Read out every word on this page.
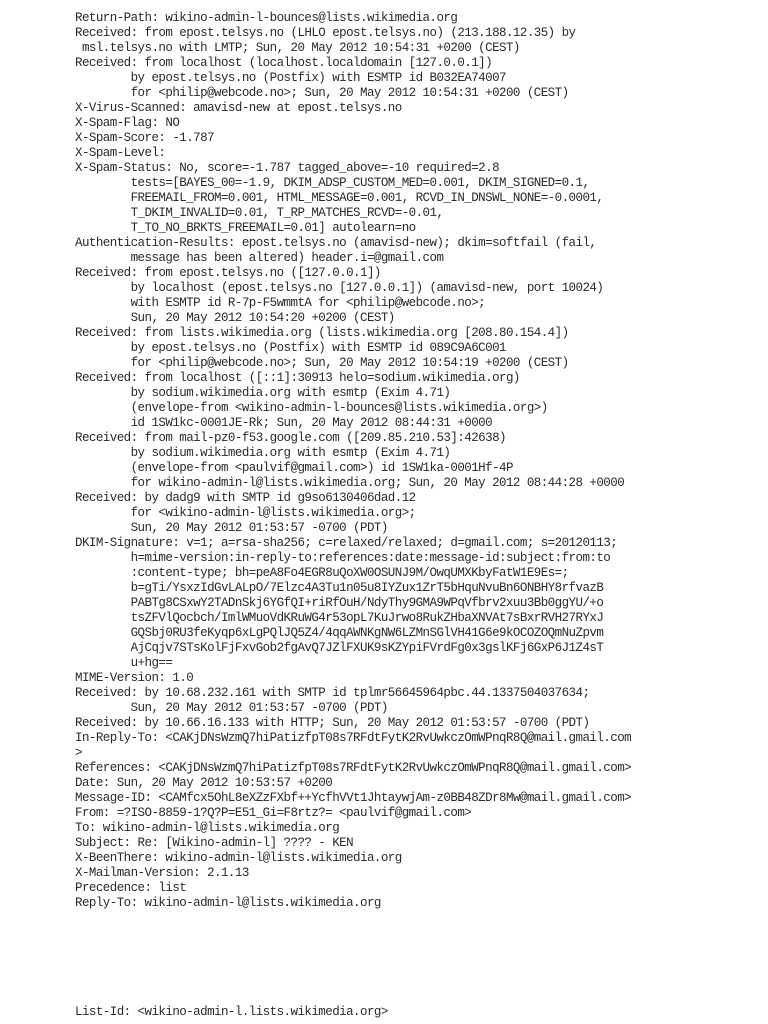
Return-Path: wikino-admin-l-bounces@lists.wikimedia.org
Received: from epost.telsys.no (LHLO epost.telsys.no) (213.188.12.35) by
msl.telsys.no with LMTP; Sun, 20 May 2012 10:54:31 +0200 (CEST)
Received: from localhost (localhost.localdomain [127.0.0.1])
by epost.telsys.no (Postfix) with ESMTP id B032EA74007
for <philip@webcode.no>; Sun, 20 May 2012 10:54:31 +0200 (CEST)
X-Virus-Scanned: amavisd-new at epost.telsys.no
X-Spam-Flag: NO
X-Spam-Score: -1.787
X-Spam-Level:
X-Spam-Status: No, score=-1.787 tagged_above=-10 required=2.8
tests=[BAYES_00=-1.9, DKIM_ADSP_CUSTOM_MED=0.001, DKIM_SIGNED=0.1,
FREEMAIL_FROM=0.001, HTML_MESSAGE=0.001, RCVD_IN_DNSWL_NONE=-0.0001,
T_DKIM_INVALID=0.01, T_RP_MATCHES_RCVD=-0.01,
T_TO_NO_BRKTS_FREEMAIL=0.01] autolearn=no
Authentication-Results: epost.telsys.no (amavisd-new); dkim=softfail (fail,
message has been altered) header.i=@gmail.com
Received: from epost.telsys.no ([127.0.0.1])
by localhost (epost.telsys.no [127.0.0.1]) (amavisd-new, port 10024)
with ESMTP id R-7p-F5wmmtA for <philip@webcode.no>;
Sun, 20 May 2012 10:54:20 +0200 (CEST)
Received: from lists.wikimedia.org (lists.wikimedia.org [208.80.154.4])
by epost.telsys.no (Postfix) with ESMTP id 089C9A6C001
for <philip@webcode.no>; Sun, 20 May 2012 10:54:19 +0200 (CEST)
Received: from localhost ([::1]:30913 helo=sodium.wikimedia.org)
by sodium.wikimedia.org with esmtp (Exim 4.71)
(envelope-from <wikino-admin-l-bounces@lists.wikimedia.org>)
id 1SW1kc-0001JE-Rk; Sun, 20 May 2012 08:44:31 +0000
Received: from mail-pz0-f53.google.com ([209.85.210.53]:42638)
by sodium.wikimedia.org with esmtp (Exim 4.71)
(envelope-from <paulvif@gmail.com>) id 1SW1ka-0001Hf-4P
for wikino-admin-l@lists.wikimedia.org; Sun, 20 May 2012 08:44:28 +0000
Received: by dadg9 with SMTP id g9so6130406dad.12
for <wikino-admin-l@lists.wikimedia.org>;
Sun, 20 May 2012 01:53:57 -0700 (PDT)
DKIM-Signature: v=1; a=rsa-sha256; c=relaxed/relaxed; d=gmail.com; s=20120113;
h=mime-version:in-reply-to:references:date:message-id:subject:from:to
:content-type; bh=peA8Fo4EGR8uQoXW0OSUNJ9M/OwqUMXKbyFatW1E9Es=;
b=gTi/YsxzIdGvLALpO/7Elzc4A3Tu1n05u8IYZux1ZrT5bHquNvuBn6ONBHY8rfvazB
PABTg8CSxwY2TADnSkj6YGfQI+riRfOuH/NdyThy9GMA9WPqVfbrv2xuu3Bb0ggYU/+o
tsZFVlQocbch/ImlWMuoVdKRuWG4r53opL7KuJrwo8RukZHbaXNVAt7sBxrRVH27RYxJ
GQSbj0RU3feKyqp6xLgPQlJQ5Z4/4qqAWNKgNW6LZMnSGlVH41G6e9kOCOZOQmNuZpvm
AjCqjv7STsKolFjFxvGob2fgAvQ7JZlFXUK9sKZYpiFVrdFg0x3gslKFj6GxP6J1Z4sT
u+hg==
MIME-Version: 1.0
Received: by 10.68.232.161 with SMTP id tplmr56645964pbc.44.1337504037634;
Sun, 20 May 2012 01:53:57 -0700 (PDT)
Received: by 10.66.16.133 with HTTP; Sun, 20 May 2012 01:53:57 -0700 (PDT)
In-Reply-To: <CAKjDNsWzmQ7hiPatizfpT08s7RFdtFytK2RvUwkczOmWPnqR8Q@mail.gmail.com
>
References: <CAKjDNsWzmQ7hiPatizfpT08s7RFdtFytK2RvUwkczOmWPnqR8Q@mail.gmail.com>
Date: Sun, 20 May 2012 10:53:57 +0200
Message-ID: <CAMfcx5OhL8eXZzFXbf++YcfhVVt1JhtaywjAm-z0BB48ZDr8Mw@mail.gmail.com>
From: =?ISO-8859-1?Q?P=E51_Gi=F8rtz?= <paulvif@gmail.com>
To: wikino-admin-l@lists.wikimedia.org
Subject: Re: [Wikino-admin-l] ???? - KEN
X-BeenThere: wikino-admin-l@lists.wikimedia.org
X-Mailman-Version: 2.1.13
Precedence: list
Reply-To: wikino-admin-l@lists.wikimedia.org
List-Id: <wikino-admin-l.lists.wikimedia.org>
